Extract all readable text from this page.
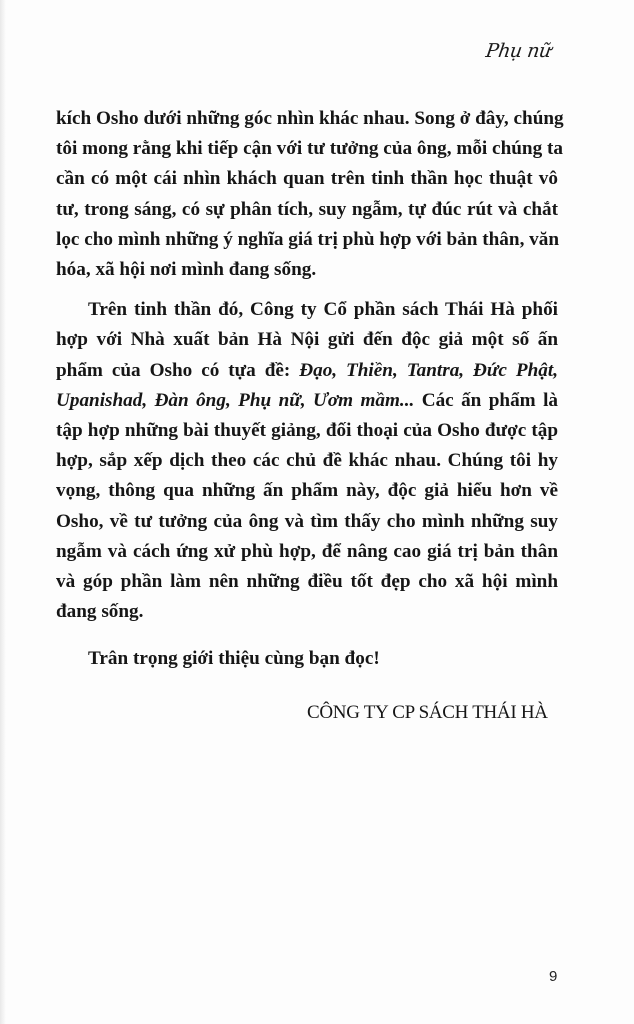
Phụ nữ

kích Osho dưới những góc nhìn khác nhau. Song ở đây, chúng
tôi mong rằng khi tiếp cận với tư tưởng của ông, mỗi chúng ta
cần có một cái nhìn khách quan trên tinh thần học thuật vô
tư, trong sáng, có sự phân tích, suy ngẫm, tự đúc rút và chắt
lọc cho mình những ý nghĩa giá trị phù hợp với bản thân, văn
hóa, xã hội nơi mình đang sống.

Trên tinh thần đó, Công ty Cổ phần sách Thái Hà phối
hợp với Nhà xuất bản Hà Nội gửi đến độc giả một số ấn
phẩm của Osho có tựa đề: Đạo, Thiền, Tantra, Đức Phật,
Upanishad, Đàn ông, Phụ nữ, Ươm mầm... Các ấn phẩm là
tập hợp những bài thuyết giảng, đối thoại của Osho được tập
hợp, sắp xếp dịch theo các chủ đề khác nhau. Chúng tôi hy
vọng, thông qua những ấn phẩm này, độc giả hiểu hơn về
Osho, về tư tưởng của ông và tìm thấy cho mình những suy
ngẫm và cách ứng xử phù hợp, để nâng cao giá trị bản thân
và góp phần làm nên những điều tốt đẹp cho xã hội mình
đang sống.

Trân trọng giới thiệu cùng bạn đọc!
CÔNG TY CP SÁCH THÁI HÀ
9
